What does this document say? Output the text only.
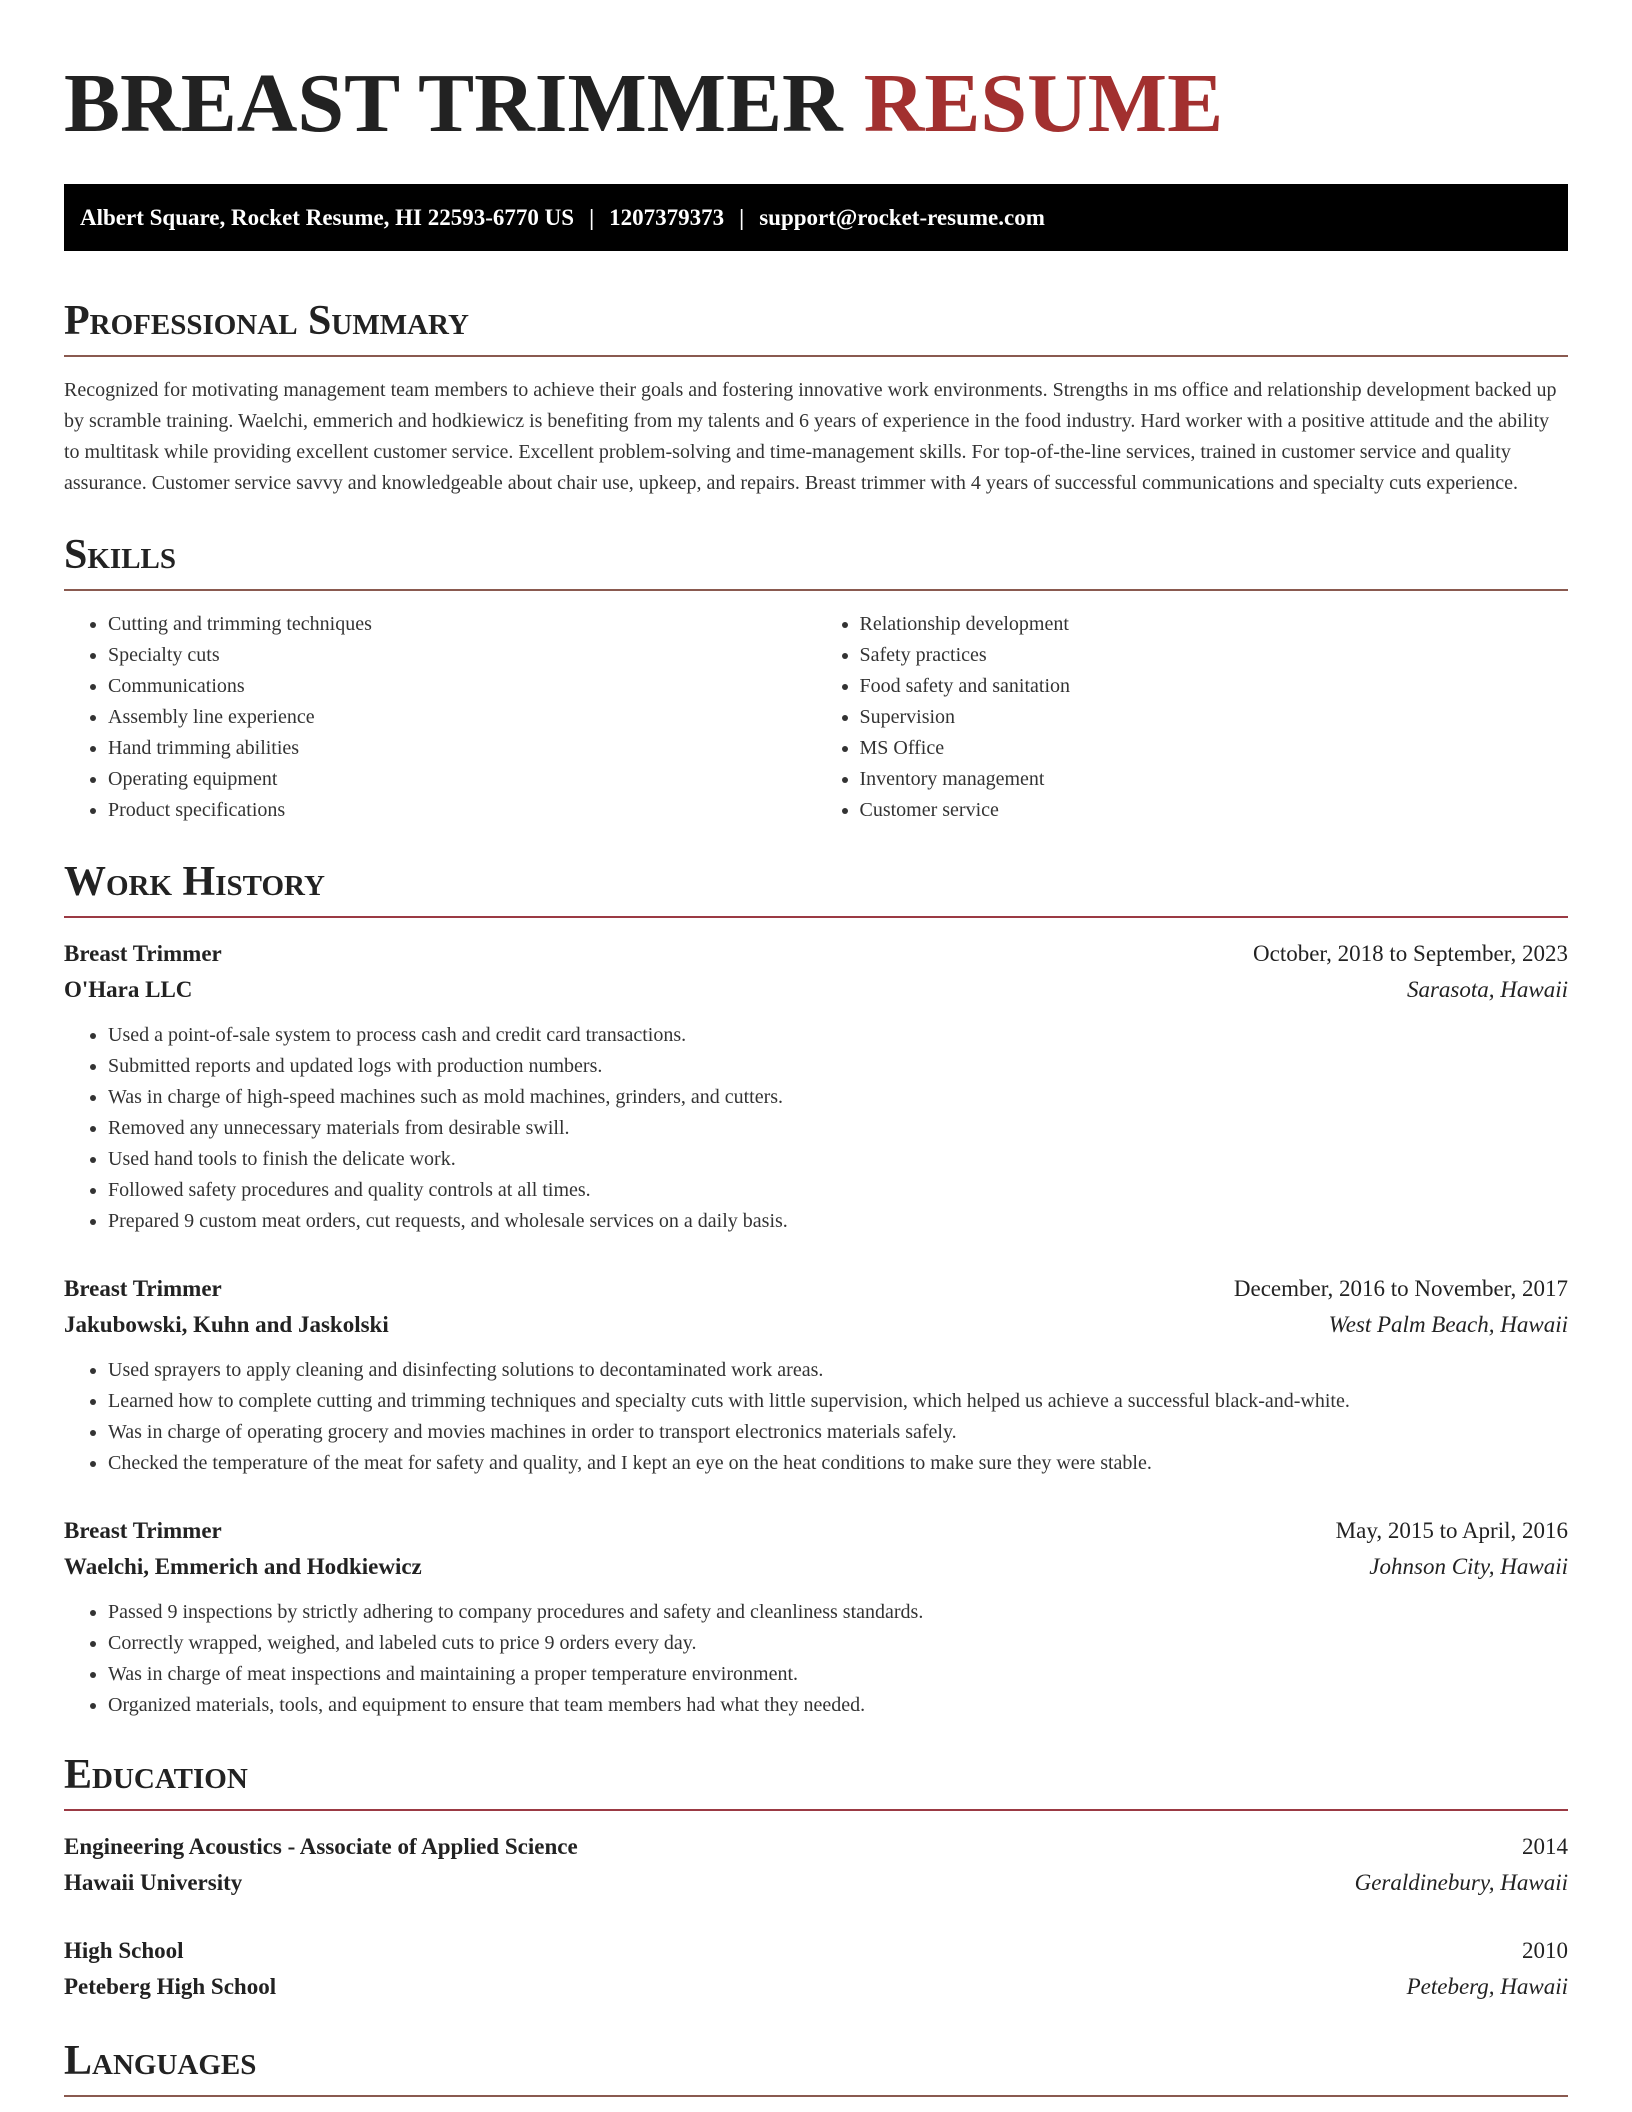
BREAST TRIMMER RESUME
Albert Square, Rocket Resume, HI 22593-6770 US | 1207379373 | support@rocket-resume.com
Professional Summary

Recognized for motivating management team members to achieve their goals and fostering innovative work environments. Strengths in ms office and relationship development backed up by scramble training. Waelchi, emmerich and hodkiewicz is benefiting from my talents and 6 years of experience in the food industry. Hard worker with a positive attitude and the ability to multitask while providing excellent customer service. Excellent problem-solving and time-management skills. For top-of-the-line services, trained in customer service and quality assurance. Customer service savvy and knowledgeable about chair use, upkeep, and repairs. Breast trimmer with 4 years of successful communications and specialty cuts experience.

Skills
• Cutting and trimming techniques
• Specialty cuts
• Communications
• Assembly line experience
• Hand trimming abilities
• Operating equipment
• Product specifications
• Relationship development
• Safety practices
• Food safety and sanitation
• Supervision
• MS Office
• Inventory management
• Customer service
Work History
Breast Trimmer	October, 2018 to September, 2023
O'Hara LLC	Sarasota, Hawaii
• Used a point-of-sale system to process cash and credit card transactions.
• Submitted reports and updated logs with production numbers.
• Was in charge of high-speed machines such as mold machines, grinders, and cutters.
• Removed any unnecessary materials from desirable swill.
• Used hand tools to finish the delicate work.
• Followed safety procedures and quality controls at all times.
• Prepared 9 custom meat orders, cut requests, and wholesale services on a daily basis.
Breast Trimmer	December, 2016 to November, 2017
Jakubowski, Kuhn and Jaskolski	West Palm Beach, Hawaii
• Used sprayers to apply cleaning and disinfecting solutions to decontaminated work areas.
• Learned how to complete cutting and trimming techniques and specialty cuts with little supervision, which helped us achieve a successful black-and-white.
• Was in charge of operating grocery and movies machines in order to transport electronics materials safely.
• Checked the temperature of the meat for safety and quality, and I kept an eye on the heat conditions to make sure they were stable.
Breast Trimmer	May, 2015 to April, 2016
Waelchi, Emmerich and Hodkiewicz	Johnson City, Hawaii
• Passed 9 inspections by strictly adhering to company procedures and safety and cleanliness standards.
• Correctly wrapped, weighed, and labeled cuts to price 9 orders every day.
• Was in charge of meat inspections and maintaining a proper temperature environment.
• Organized materials, tools, and equipment to ensure that team members had what they needed.
Education
Engineering Acoustics - Associate of Applied Science	2014
Hawaii University	Geraldinebury, Hawaii
High School	2010
Peteberg High School	Peteberg, Hawaii
Languages
